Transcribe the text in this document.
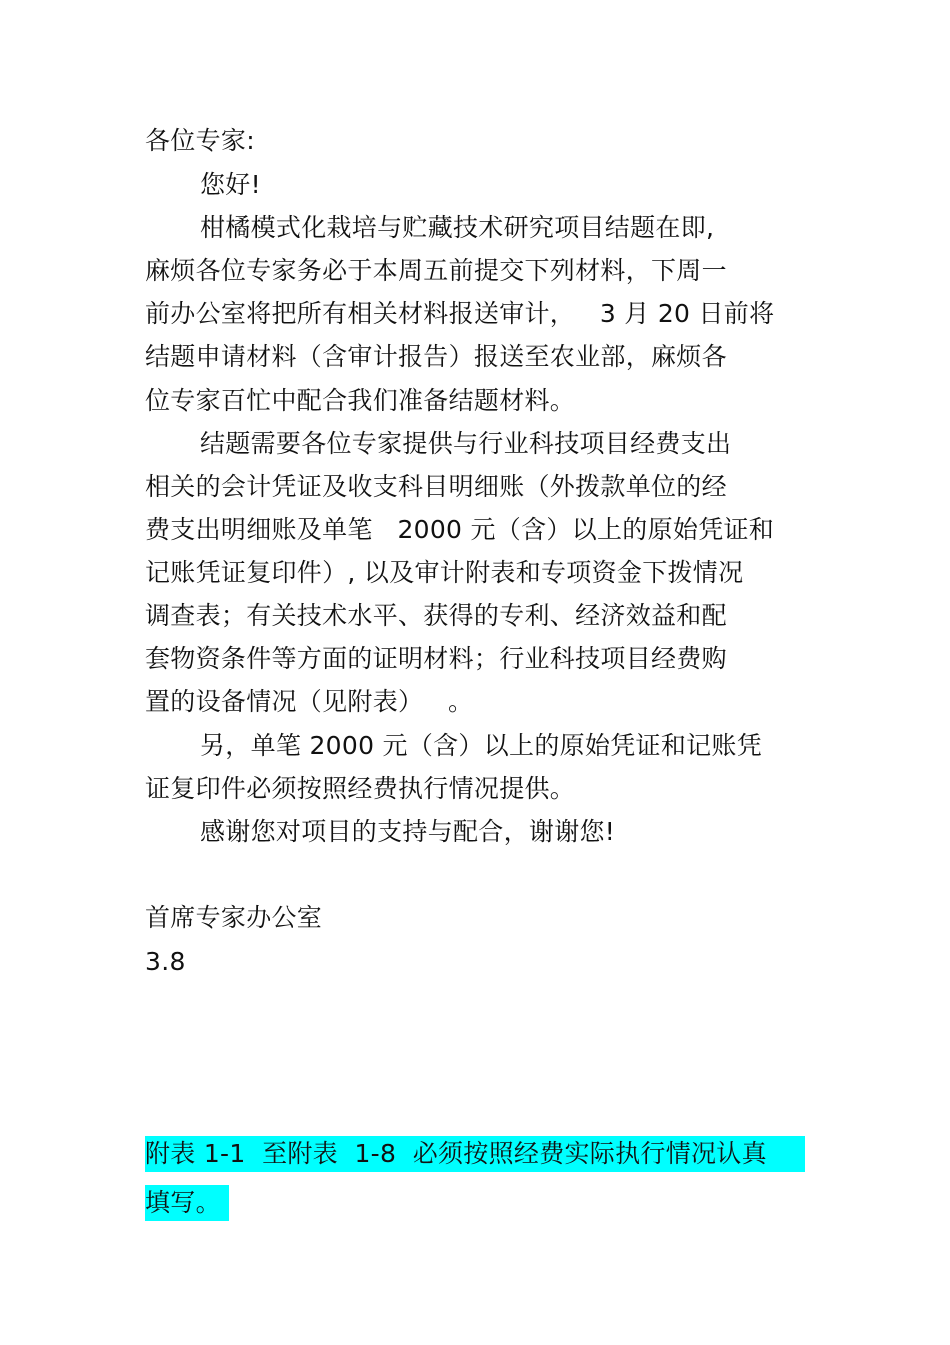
各位专家:
您好!
柑橘模式化栽培与贮藏技术研究项目结题在即,
麻烦各位专家务必于本周五前提交下列材料，下周一
前办公室将把所有相关材料报送审计，   3 月 20 日前将
结题申请材料（含审计报告）报送至农业部，麻烦各
位专家百忙中配合我们准备结题材料。
结题需要各位专家提供与行业科技项目经费支出
相关的会计凭证及收支科目明细账（外拨款单位的经
费支出明细账及单笔   2000 元（含）以上的原始凭证和
记账凭证复印件）, 以及审计附表和专项资金下拨情况
调查表；有关技术水平、获得的专利、经济效益和配
套物资条件等方面的证明材料；行业科技项目经费购
置的设备情况（见附表）   。
另，单笔 2000 元（含）以上的原始凭证和记账凭
证复印件必须按照经费执行情况提供。
感谢您对项目的支持与配合，谢谢您!
首席专家办公室
3.8
附表 1-1  至附表  1-8  必须按照经费实际执行情况认真
填写。
